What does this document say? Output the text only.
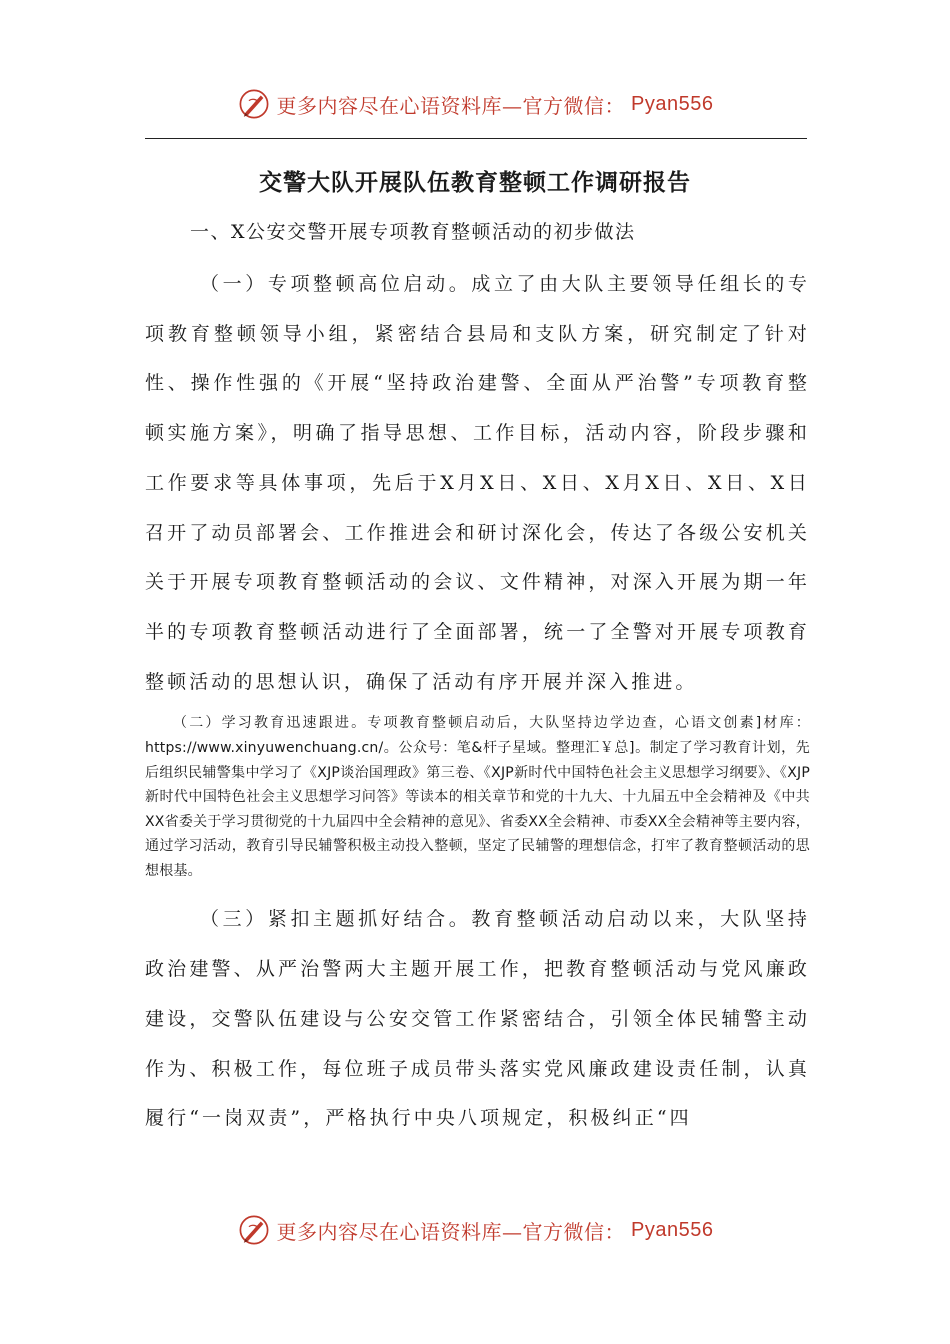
更多内容尽在心语资料库—官方微信： Pyan556
交警大队开展队伍教育整顿工作调研报告
一、X公安交警开展专项教育整顿活动的初步做法

（一）专项整顿高位启动。成立了由大队主要领导任组长的专项教育整顿领导小组，紧密结合县局和支队方案，研究制定了针对性、操作性强的《开展“坚持政治建警、全面从严治警”专项教育整顿实施方案》，明确了指导思想、工作目标，活动内容，阶段步骤和工作要求等具体事项，先后于X月X日、X日、X月X日、X日、X日召开了动员部署会、工作推进会和研讨深化会，传达了各级公安机关关于开展专项教育整顿活动的会议、文件精神，对深入开展为期一年半的专项教育整顿活动进行了全面部署，统一了全警对开展专项教育整顿活动的思想认识，确保了活动有序开展并深入推进。

（二）学习教育迅速跟进。专项教育整顿启动后，大队坚持边学边查，心语文创素]材库：https://www.xinyuwenchuang.cn/。公众号：笔&杆子星域。整理汇￥总]。制定了学习教育计划，先后组织民辅警集中学习了《XJP谈治国理政》第三卷、《XJP新时代中国特色社会主义思想学习纲要》、《XJP新时代中国特色社会主义思想学习问答》等读本的相关章节和党的十九大、十九届五中全会精神及《中共XX省委关于学习贯彻党的十九届四中全会精神的意见》、省委XX全会精神、市委XX全会精神等主要内容，通过学习活动，教育引导民辅警积极主动投入整顿，坚定了民辅警的理想信念，打牢了教育整顿活动的思想根基。

（三）紧扣主题抓好结合。教育整顿活动启动以来，大队坚持政治建警、从严治警两大主题开展工作，把教育整顿活动与党风廉政建设，交警队伍建设与公安交管工作紧密结合，引领全体民辅警主动作为、积极工作，每位班子成员带头落实党风廉政建设责任制，认真履行“一岗双责”，严格执行中央八项规定，积极纠正“四

更多内容尽在心语资料库—官方微信： Pyan556
